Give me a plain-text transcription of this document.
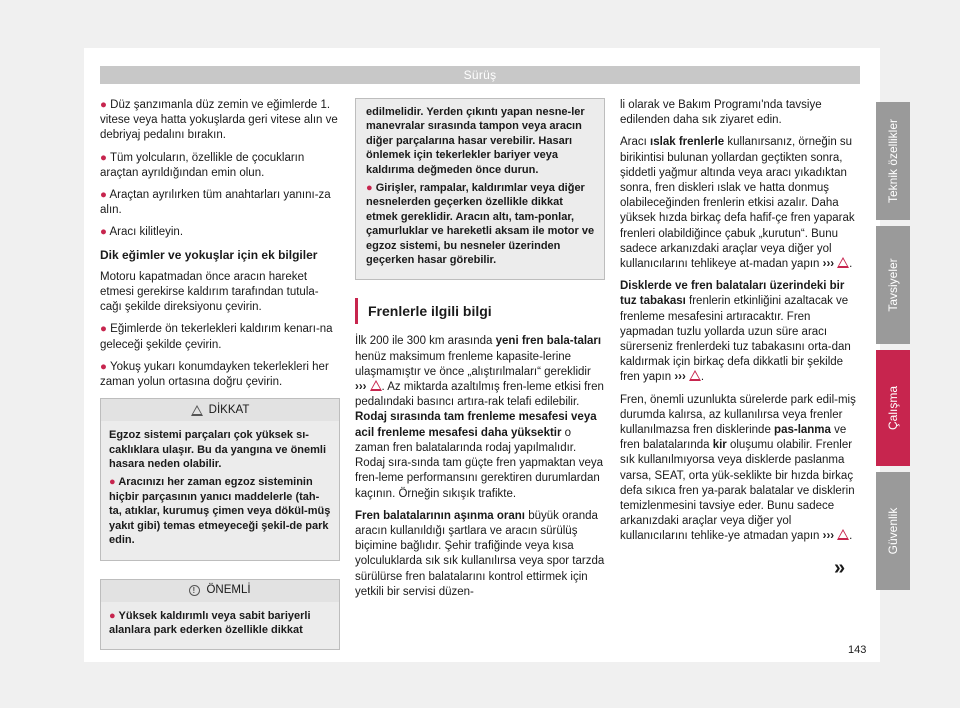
Sürüş

● Düz şanzımanla düz zemin ve eğimlerde 1. vitese veya hatta yokuşlarda geri vitese alın ve debriyaj pedalını bırakın.

● Tüm yolcuların, özellikle de çocukların araçtan ayrıldığından emin olun.

● Araçtan ayrılırken tüm anahtarları yanını-za alın.

● Aracı kilitleyin.

Dik eğimler ve yokuşlar için ek bilgiler

Motoru kapatmadan önce aracın hareket etmesi gerekirse kaldırım tarafından tutula-cağı şekilde direksiyonu çevirin.

● Eğimlerde ön tekerlekleri kaldırım kenarı-na geleceği şekilde çevirin.

● Yokuş yukarı konumdayken tekerlekleri her zaman yolun ortasına doğru çevirin.

DİKKAT

Egzoz sistemi parçaları çok yüksek sı-caklıklara ulaşır. Bu da yangına ve önemli hasara neden olabilir.

● Aracınızı her zaman egzoz sisteminin hiçbir parçasının yanıcı maddelerle (tah-ta, atıklar, kurumuş çimen veya dökül-müş yakıt gibi) temas etmeyeceği şekil-de park edin.

!
ÖNEMLİ

● Yüksek kaldırımlı veya sabit bariyerli alanlara park ederken özellikle dikkat

edilmelidir. Yerden çıkıntı yapan nesne-ler manevralar sırasında tampon veya aracın diğer parçalarına hasar verebilir. Hasarı önlemek için tekerlekler bariyer veya kaldırıma değmeden önce durun.

● Girişler, rampalar, kaldırımlar veya diğer nesnelerden geçerken özellikle dikkat etmek gereklidir. Aracın altı, tam-ponlar, çamurluklar ve hareketli aksam ile motor ve egzoz sistemi, bu nesneler üzerinden geçerken hasar görebilir.

Frenlerle ilgili bilgi

İlk 200 ile 300 km arasında yeni fren bala-taları henüz maksimum frenleme kapasite-lerine ulaşmamıştır ve önce „alıştırılmaları“ gereklidir ››› . Az miktarda azaltılmış fren-leme etkisi fren pedalındaki basıncı artıra-rak telafi edilebilir. Rodaj sırasında tam frenleme mesafesi veya acil frenleme mesafesi daha yüksektir o zaman fren balatalarında rodaj yapılmalıdır. Rodaj sıra-sında tam güçte fren yapmaktan veya fren-leme performansını gerektiren durumlardan kaçının. Örneğin sıkışık trafikte.

Fren balatalarının aşınma oranı büyük oranda aracın kullanıldığı şartlara ve aracın sürülüş biçimine bağlıdır. Şehir trafiğinde veya kısa yolculuklarda sık sık kullanılırsa veya spor tarzda sürülürse fren balatalarını kontrol ettirmek için yetkili bir servisi düzen-

li olarak ve Bakım Programı'nda tavsiye edilenden daha sık ziyaret edin.

Aracı ıslak frenlerle kullanırsanız, örneğin su birikintisi bulunan yollardan geçtikten sonra, şiddetli yağmur altında veya aracı yıkadıktan sonra, fren diskleri ıslak ve hatta donmuş olabileceğinden frenlerin etkisi azalır. Daha yüksek hızda birkaç defa hafif-çe fren yaparak frenleri olabildiğince çabuk „kurutun“. Bunu sadece arkanızdaki araçlar veya diğer yol kullanıcılarını tehlikeye at-madan yapın ››› .

Disklerde ve fren balataları üzerindeki bir tuz tabakası frenlerin etkinliğini azaltacak ve frenleme mesafesini artıracaktır. Fren yapmadan tuzlu yollarda uzun süre aracı sürerseniz frenlerdeki tuz tabakasını orta-dan kaldırmak için birkaç defa dikkatli bir şekilde fren yapın ››› .

Fren, önemli uzunlukta sürelerde park edil-miş durumda kalırsa, az kullanılırsa veya frenler kullanılmazsa fren disklerinde pas-lanma ve fren balatalarında kir oluşumu olabilir. Frenler sık kullanılmıyorsa veya disklerde paslanma varsa, SEAT, orta yük-seklikte bir hızda birkaç defa sıkıca fren ya-parak balatalar ve disklerin temizlenmesini tavsiye eder. Bunu sadece arkanızdaki araçlar veya diğer yol kullanıcılarını tehlike-ye atmadan yapın ››› .

»
Teknik özellikler
Tavsiyeler
Çalışma
Güvenlik
143
